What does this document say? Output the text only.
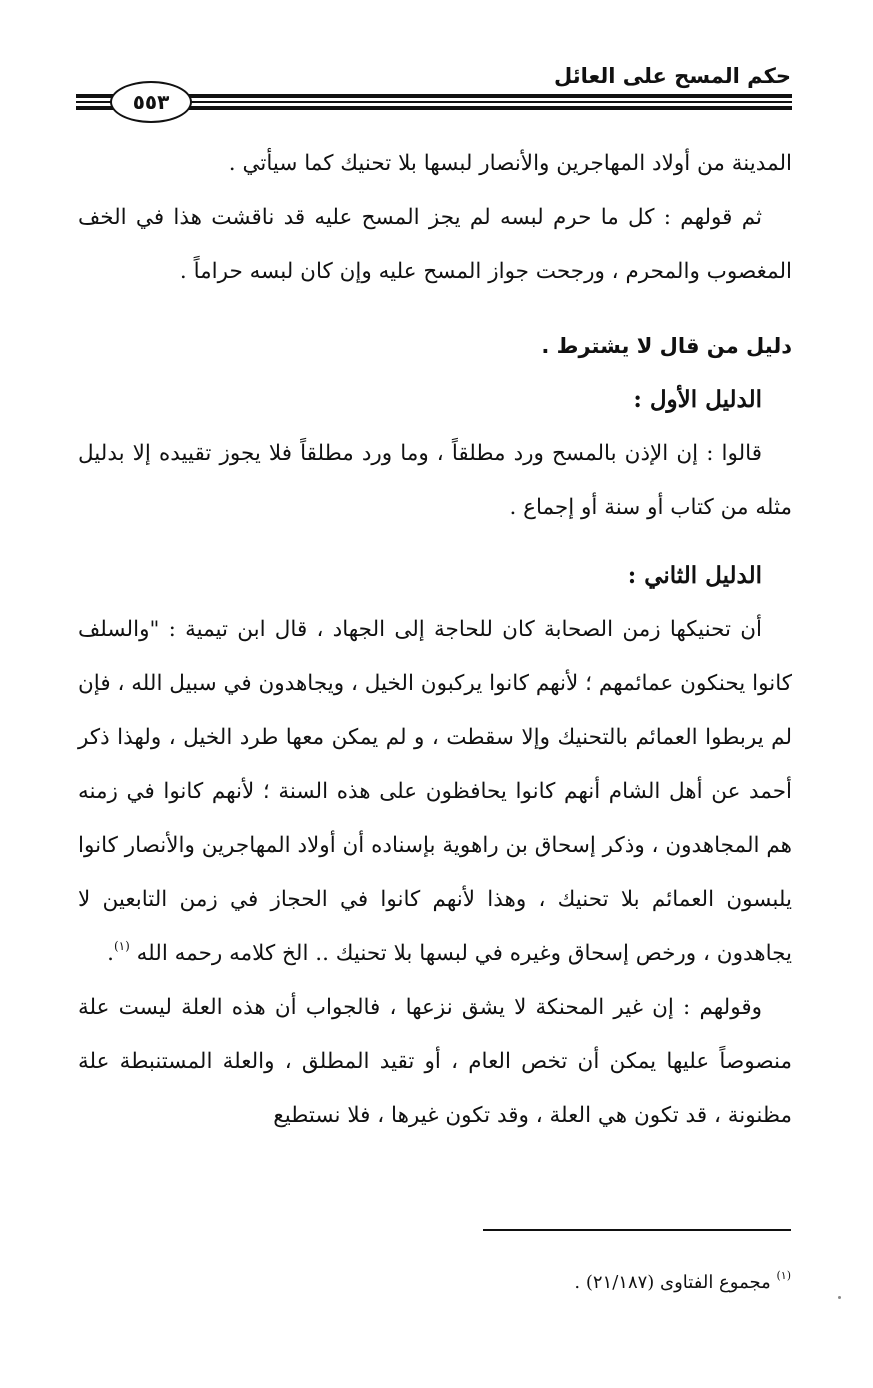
حكم المسح على العائل
٥٥٣

المدينة من أولاد المهاجرين والأنصار لبسها بلا تحنيك كما سيأتي .

ثم قولهم : كل ما حرم لبسه لم يجز المسح عليه قد ناقشت هذا في الخف المغصوب والمحرم ، ورجحت جواز المسح عليه وإن كان لبسه حراماً .

دليل من قال لا يشترط .

الدليل الأول :

قالوا : إن الإذن بالمسح ورد مطلقاً ، وما ورد مطلقاً فلا يجوز تقييده إلا بدليل مثله من كتاب أو سنة أو إجماع .

الدليل الثاني :

أن تحنيكها زمن الصحابة كان للحاجة إلى الجهاد ، قال ابن تيمية : "والسلف كانوا يحنكون عمائمهم ؛ لأنهم كانوا يركبون الخيل ، ويجاهدون في سبيل الله ، فإن لم يربطوا العمائم بالتحنيك وإلا سقطت ، و لم يمكن معها طرد الخيل ، ولهذا ذكر أحمد عن أهل الشام أنهم كانوا يحافظون على هذه السنة ؛ لأنهم كانوا في زمنه هم المجاهدون ، وذكر إسحاق بن راهوية بإسناده أن أولاد المهاجرين والأنصار كانوا يلبسون العمائم بلا تحنيك ، وهذا لأنهم كانوا في الحجاز في زمن التابعين لا يجاهدون ، ورخص إسحاق وغيره في لبسها بلا تحنيك .. الخ كلامه رحمه الله $^{(١)}$.

وقولهم : إن غير المحنكة لا يشق نزعها ، فالجواب أن هذه العلة ليست علة منصوصاً عليها يمكن أن تخص العام ، أو تقيد المطلق ، والعلة المستنبطة علة مظنونة ، قد تكون هي العلة ، وقد تكون غيرها ، فلا نستطيع

$^{(١)}$ مجموع الفتاوى (٢١/١٨٧) .
